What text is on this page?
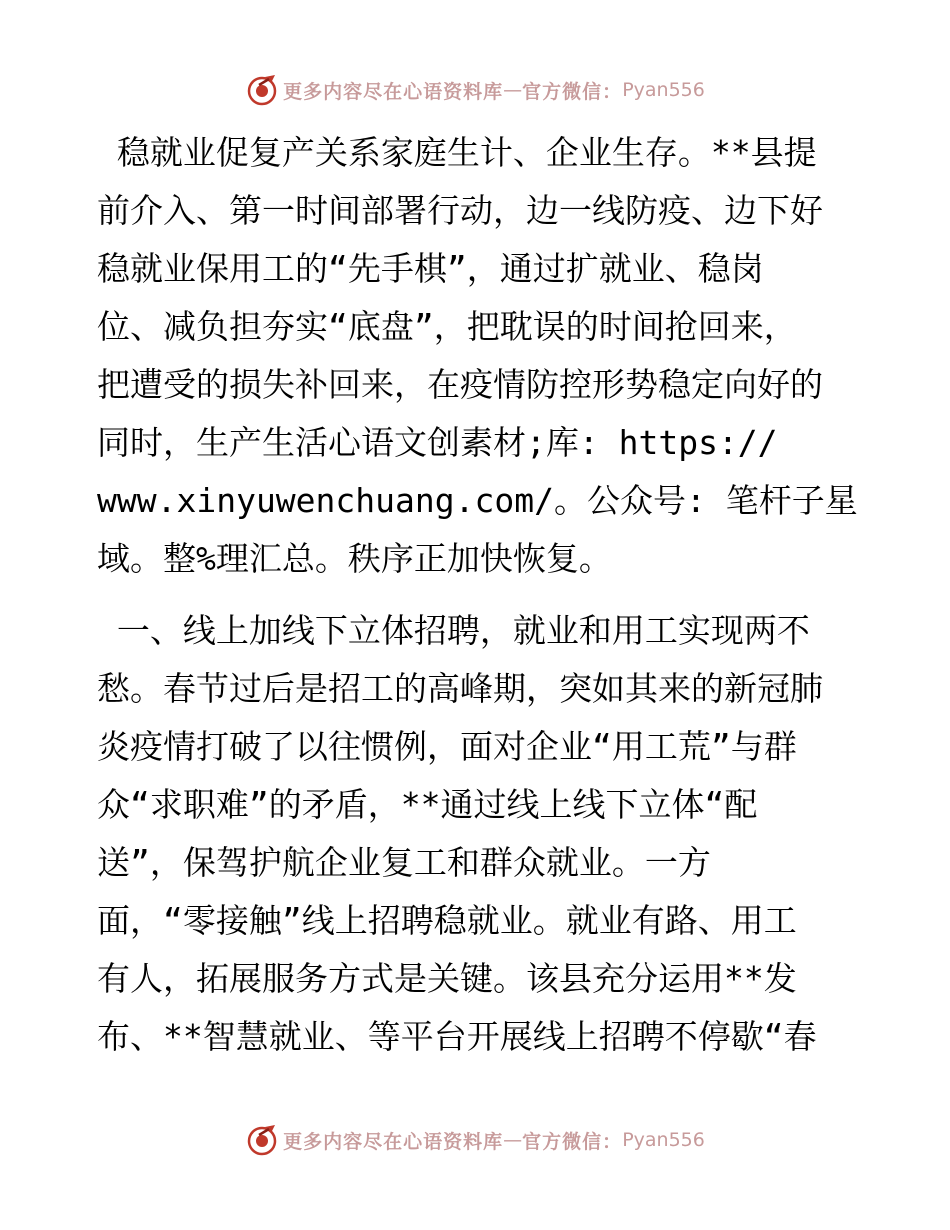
更多内容尽在心语资料库 — 官方微信： Pyan556
稳就业促复产关系家庭生计、企业生存。**县提
前介入、第一时间部署行动，边一线防疫、边下好
稳就业保用工的“先手棋”，通过扩就业、稳岗
位、减负担夯实“底盘”，把耽误的时间抢回来，
把遭受的损失补回来，在疫情防控形势稳定向好的
同时，生产生活心语文创素材;库: https://
www.xinyuwenchuang.com/。公众号: 笔杆子星
域。整%理汇总。秩序正加快恢复。
一、线上加线下立体招聘，就业和用工实现两不
愁。春节过后是招工的高峰期，突如其来的新冠肺
炎疫情打破了以往惯例，面对企业“用工荒”与群
众“求职难”的矛盾，**通过线上线下立体“配
送”，保驾护航企业复工和群众就业。一方
面，“零接触”线上招聘稳就业。就业有路、用工
有人，拓展服务方式是关键。该县充分运用**发
布、**智慧就业、等平台开展线上招聘不停歇“春
更多内容尽在心语资料库 — 官方微信： Pyan556
